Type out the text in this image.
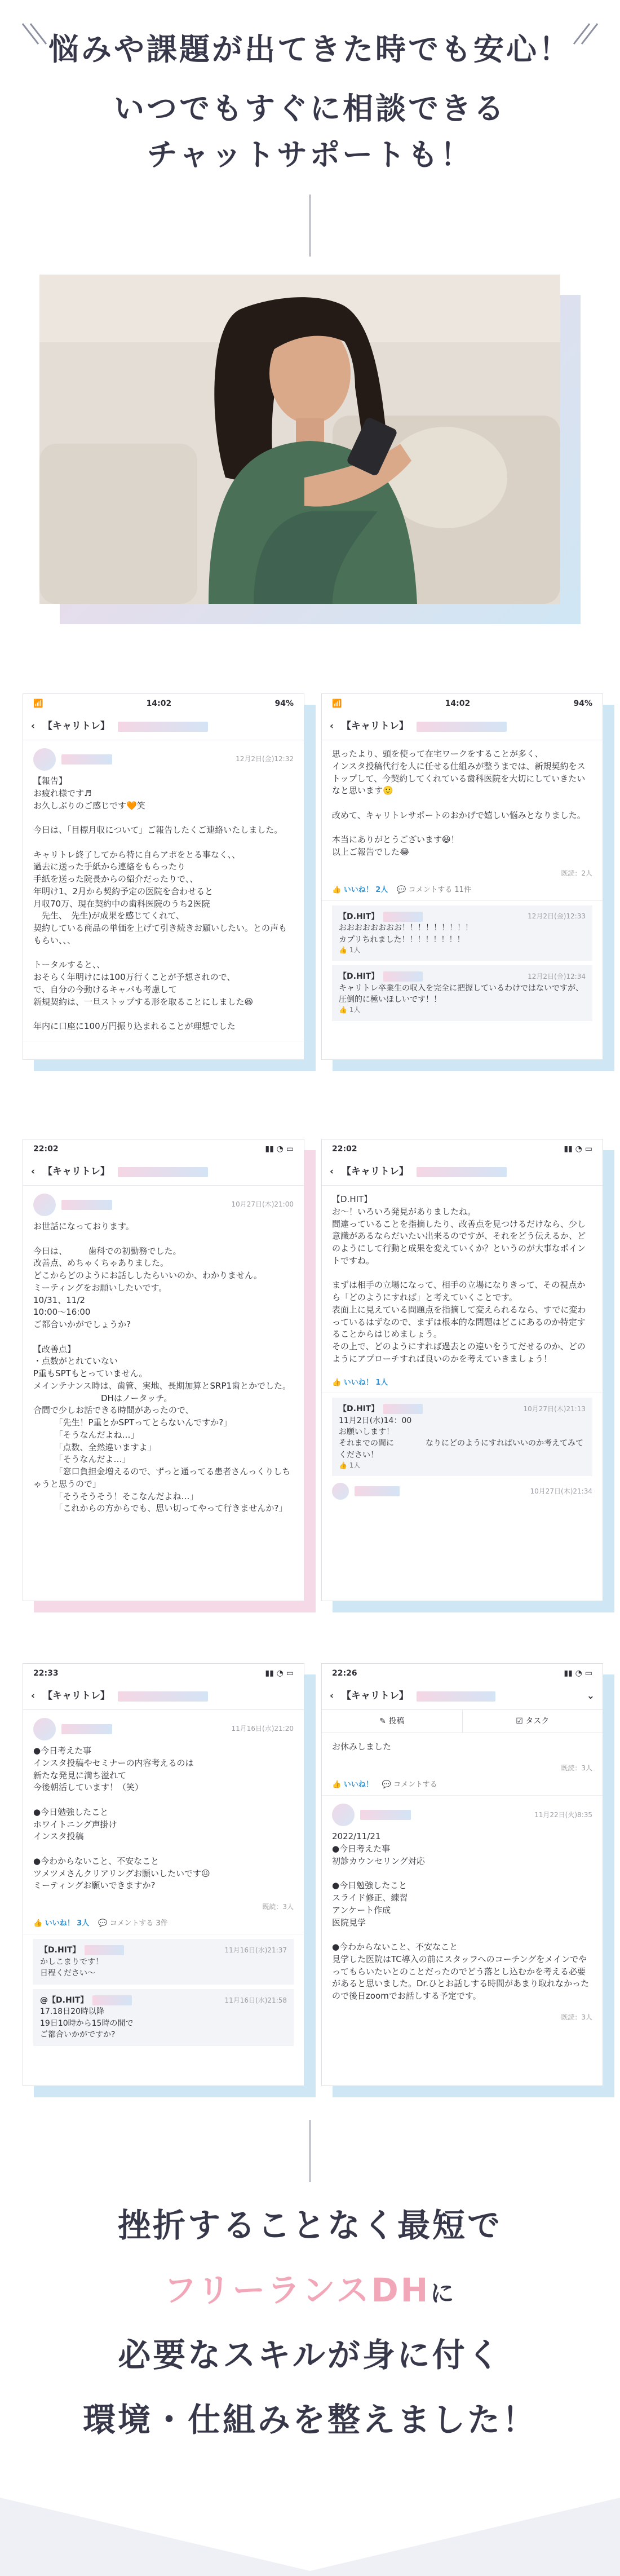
悩みや課題が出てきた時でも安心！
いつでもすぐに相談できる
チャットサポートも！
📶	14:02	94%
‹ 【キャリトレ】
12月2日(金)12:32

【報告】
お疲れ様です♬
お久しぶりのご感じです🧡笑

今日は、「目標月収について」ご報告したくご連絡いたしました。

キャリトレ終了してから特に自らアポをとる事なく、、
過去に送った手紙から連絡をもらったり
手紙を送った院長からの紹介だったりで、、
年明け1、2月から契約予定の医院を合わせると
月収70万、現在契約中の歯科医院のうち2医院
　先生、　先生)が成果を感じてくれて、
契約している商品の単価を上げて引き続きお願いしたい。との声ももらい、、、

トータルすると、、
おそらく年明けには100万行くことが予想されので、
で、自分の今動けるキャパも考慮して
新規契約は、一旦ストップする形を取ることにしました😆

年内に口座に100万円振り込まれることが理想でした

📶	14:02	94%
‹ 【キャリトレ】

思ったより、頭を使って在宅ワークをすることが多く、
インスタ投稿代行を人に任せる仕組みが整うまでは、新規契約をストップして、今契約してくれている歯科医院を大切にしていきたいなと思います🙂

改めて、キャリトレサポートのおかげで嬉しい悩みとなりました。

本当にありがとうございます😆！
以上ご報告でした😂

既読：2人
👍 いいね！ 2人 💬 コメントする 11件
【D.HIT】	12月2日(金)12:33

おおおおおおおお！！！！！！！！！
カプリちれました！！！！！！！！

👍 1人
【D.HIT】	12月2日(金)12:34

キャリトレ卒業生の収入を完全に把握しているわけではないですが、圧倒的に極いほしいです！！

👍 1人
22:02	▮▮ ◔ ▭
‹ 【キャリトレ】
10月27日(木)21:00

お世話になっております。

今日は、　　　歯科での初勤務でした。
改善点、めちゃくちゃありました。
どこからどのようにお話ししたらいいのか、わかりません。
ミーティングをお願いしたいです。
10/31、11/2
10:00～16:00
ご都合いかがでしょうか?

【改善点】
・点数がとれていない
P重もSPTもとっていません。
メインテナンス時は、歯管、実地、長期加算とSRP1歯とかでした。
　　　　　　　　DHはノータッチ。
合間で少しお話できる時間があったので、
　　　「先生！P重とかSPTってとらないんですか?」
　　　「そうなんだよね…」
　　　「点数、全然違いますよ」
　　　「そうなんだよ…」
　　　「窓口負担金増えるので、ずっと通ってる患者さんっくりしちゃうと思うので」
　　　「そうそうそう！そこなんだよね…」
　　　「これからの方からでも、思い切ってやって行きませんか?」

22:02	▮▮ ◔ ▭
‹ 【キャリトレ】

【D.HIT】　　　　　
お〜！いろいろ発見がありましたね。
間違っていることを指摘したり、改善点を見つけるだけなら、少し意識があるならだいたい出来るのですが、それをどう伝えるか、どのようにして行動と成果を変えていくか？というのが大事なポイントですね。

まずは相手の立場になって、相手の立場になりきって、その視点から「どのようにすれば」と考えていくことです。
表面上に見えている問題点を指摘して変えられるなら、すでに変わっているはずなので、まずは根本的な問題はどこにあるのか特定することからはじめましょう。
その上で、どのようにすれば過去との違いをうてだせるのか、どのようにアプローチすれば良いのかを考えていきましょう！

👍 いいね！ 1人
【D.HIT】	10月27日(木)21:13

11月2日(水)14：00
お願いします！
それまでの間に　　　　なりにどのようにすればいいのか考えてみてください！

👍 1人
10月27日(木)21:34
22:33	▮▮ ◔ ▭
‹ 【キャリトレ】
11月16日(水)21:20

●今日考えた事
インスタ投稿やセミナーの内容考えるのは
新たな発見に満ち溢れて
今後朝活しています！（笑）

●今日勉強したこと
ホワイトニング声掛け
インスタ投稿

●今わからないこと、不安なこと
ツメツメさんクリアリングお願いしたいです😖
ミーティングお願いできますか?

既読：3人
👍 いいね！ 3人 💬 コメントする 3件
【D.HIT】	11月16日(水)21:37

かしこまりです！
日程ください〜

@【D.HIT】	11月16日(水)21:58

17.18日20時以降
19日10時から15時の間で
ご都合いかがですか?

22:26	▮▮ ◔ ▭
‹ 【キャリトレ】	⌄
✎ 投稿	☑ タスク

お休みしました

既読：3人
👍 いいね！ 💬 コメントする
11月22日(火)8:35

2022/11/21
●今日考えた事
初診カウンセリング対応

●今日勉強したこと
スライド修正、練習
アンケート作成
医院見学

●今わからないこと、不安なこと
見学した医院はTC導入の前にスタッフへのコーチングをメインでやってもらいたいとのことだったのでどう落とし込むかを考える必要があると思いました。Dr.ひとお話しする時間があまり取れなかったので後日zoomでお話しする予定です。

既読：3人
挫折することなく最短で
フリーランスDHに
必要なスキルが身に付く
環境・仕組みを整えました！
